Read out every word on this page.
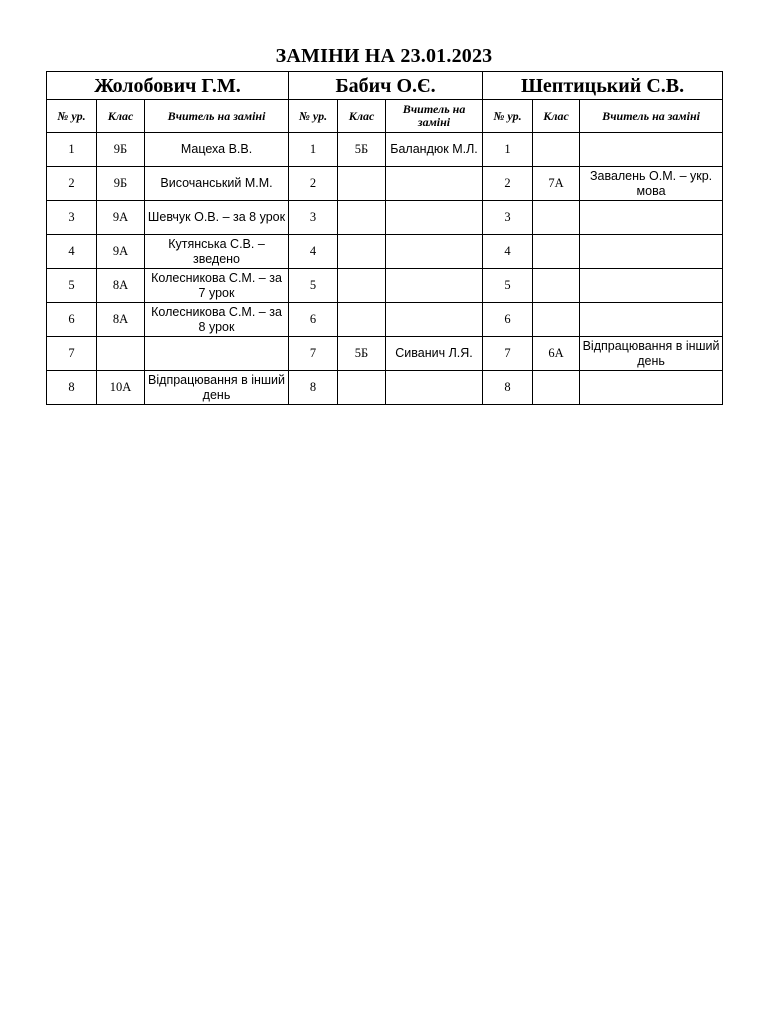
ЗАМІНИ НА 23.01.2023
Жолобович Г.М.			Бабич О.Є.			Шептицький С.В.		
№ ур.	Клас	Вчитель на заміні	№ ур.	Клас	Вчитель на заміні	№ ур.	Клас	Вчитель на заміні
1	9Б	Мацеха В.В.	1	5Б	Баландюк М.Л.	1		
2	9Б	Височанський М.М.	2			2	7А	Завалень О.М. – укр. мова
3	9А	Шевчук О.В. – за 8 урок	3			3		
4	9А	Кутянська С.В. – зведено	4			4		
5	8А	Колесникова С.М. – за 7 урок	5			5		
6	8А	Колесникова С.М. – за 8 урок	6			6		
7			7	5Б	Сиванич Л.Я.	7	6А	Відпрацювання в інший день
8	10А	Відпрацювання в інший день	8			8		
